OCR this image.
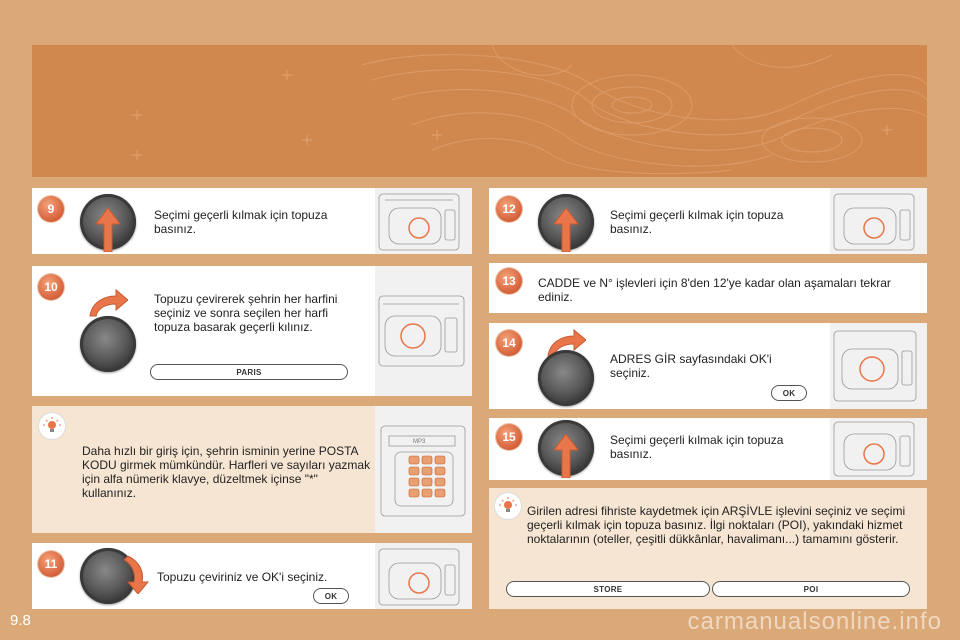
9	Seçimi geçerli kılmak için topuza basınız.
10
Topuzu çevirerek şehrin her harfini seçiniz ve sonra seçilen her harfi topuza basarak geçerli kılınız.
PARIS
Daha hızlı bir giriş için, şehrin isminin yerine POSTA KODU girmek mümkündür. Harfleri ve sayıları yazmak için alfa nümerik klavye, düzeltmek içinse "*" kullanınız.
MP3
11
Topuzu çeviriniz ve OK'i seçiniz.
OK
12	Seçimi geçerli kılmak için topuza basınız.
13	CADDE ve N° işlevleri için 8'den 12'ye kadar olan aşamaları tekrar ediniz.
14
ADRES GİR sayfasındaki OK'i seçiniz.
OK
15	Seçimi geçerli kılmak için topuza basınız.
Girilen adresi fihriste kaydetmek için ARŞİVLE işlevini seçiniz ve seçimi geçerli kılmak için topuza basınız. İlgi noktaları (POI), yakındaki hizmet noktalarının (oteller, çeşitli dükkânlar, havalimanı...) tamamını gösterir.
STORE	POI
9.8	carmanualsonline.info
